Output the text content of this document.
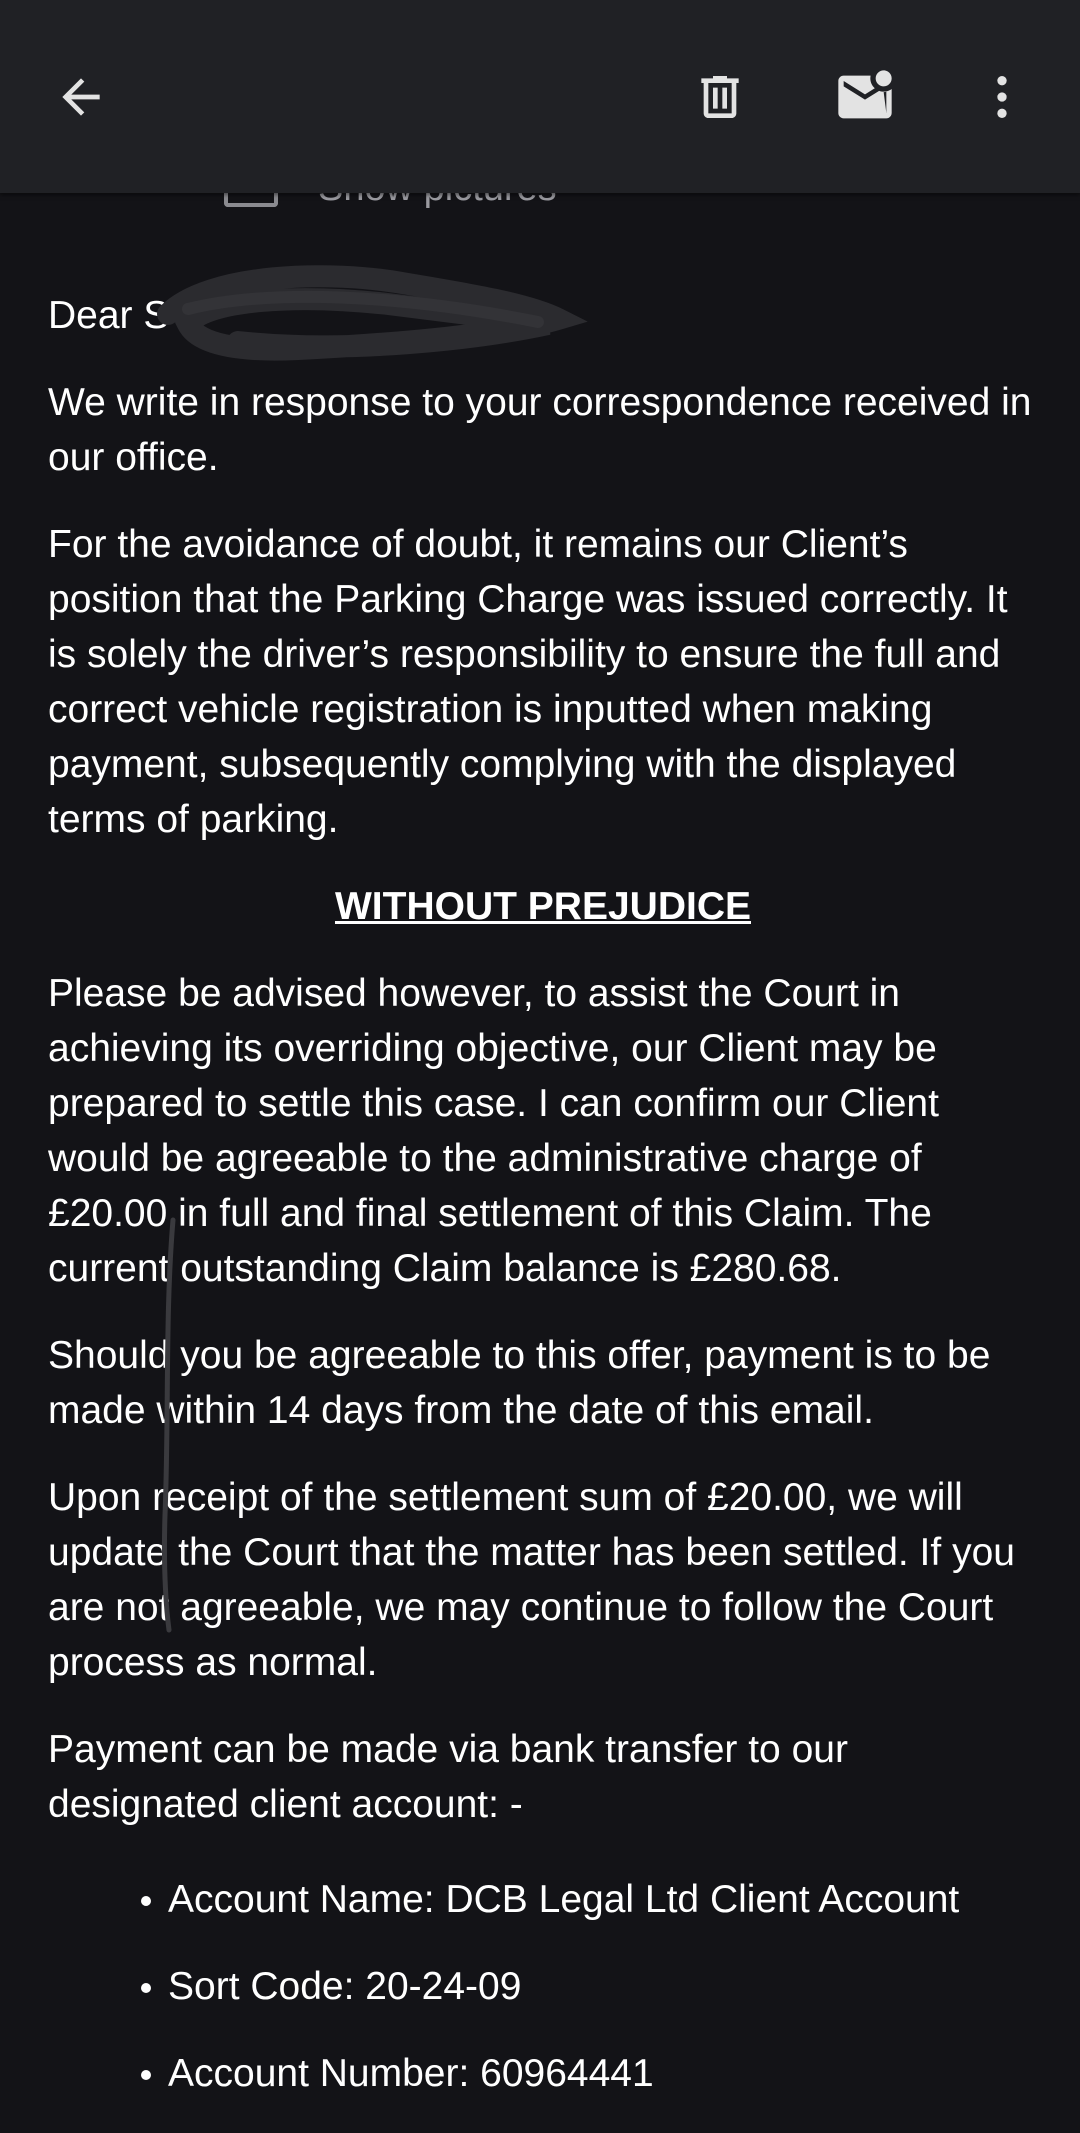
Dear S

We write in response to your correspondence received in our office.

For the avoidance of doubt, it remains our Client’s position that the Parking Charge was issued correctly. It is solely the driver’s responsibility to ensure the full and correct vehicle registration is inputted when making payment, subsequently complying with the displayed terms of parking.

WITHOUT PREJUDICE

Please be advised however, to assist the Court in achieving its overriding objective, our Client may be prepared to settle this case. I can confirm our Client would be agreeable to the administrative charge of £20.00 in full and final settlement of this Claim. The current outstanding Claim balance is £280.68.

Should you be agreeable to this offer, payment is to be made within 14 days from the date of this email.

Upon receipt of the settlement sum of £20.00, we will update the Court that the matter has been settled. If you are not agreeable, we may continue to follow the Court process as normal.

Payment can be made via bank transfer to our designated client account: -

Account Name: DCB Legal Ltd Client Account
Sort Code: 20-24-09
Account Number: 60964441
